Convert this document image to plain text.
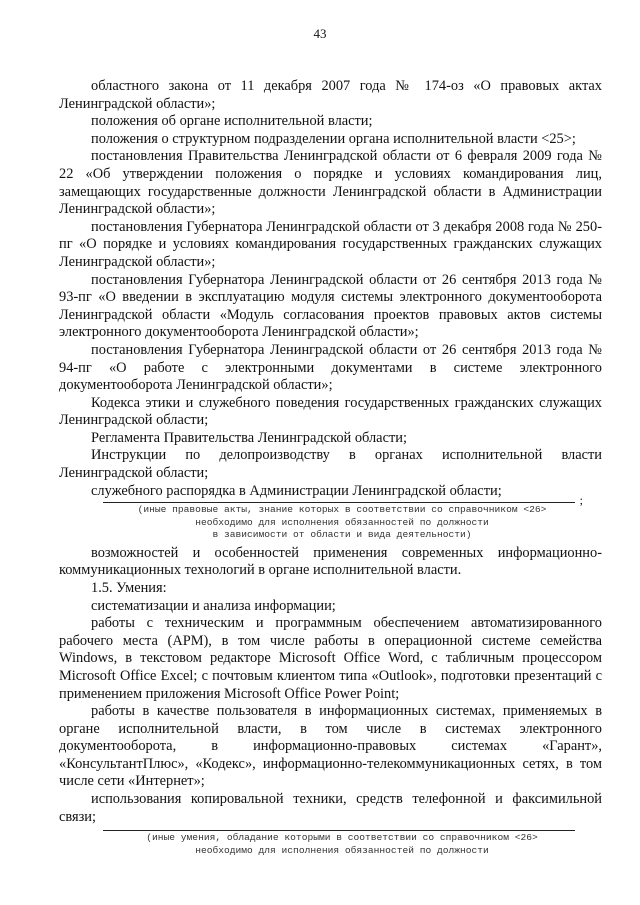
43

областного закона от 11 декабря 2007 года № 174-оз «О правовых актах Ленинградской области»;

положения об органе исполнительной власти;

положения о структурном подразделении органа исполнительной власти <25>;

постановления Правительства Ленинградской области от 6 февраля 2009 года № 22 «Об утверждении положения о порядке и условиях командирования лиц, замещающих государственные должности Ленинградской области в Администрации Ленинградской области»;

постановления Губернатора Ленинградской области от 3 декабря 2008 года № 250-пг «О порядке и условиях командирования государственных гражданских служащих Ленинградской области»;

постановления Губернатора Ленинградской области от 26 сентября 2013 года № 93-пг «О введении в эксплуатацию модуля системы электронного документооборота Ленинградской области «Модуль согласования проектов правовых актов системы электронного документооборота Ленинградской области»;

постановления Губернатора Ленинградской области от 26 сентября 2013 года № 94-пг «О работе с электронными документами в системе электронного документооборота Ленинградской области»;

Кодекса этики и служебного поведения государственных гражданских служащих Ленинградской области;

Регламента Правительства Ленинградской области;

Инструкции по делопроизводству в органах исполнительной власти Ленинградской области;

служебного распорядка в Администрации Ленинградской области;

;
(иные правовые акты, знание которых в соответствии со справочником <26>
необходимо для исполнения обязанностей по должности
в зависимости от области и вида деятельности)

возможностей и особенностей применения современных информационно-коммуникационных технологий в органе исполнительной власти.

1.5. Умения:

систематизации и анализа информации;

работы с техническим и программным обеспечением автоматизированного рабочего места (АРМ), в том числе работы в операционной системе семейства Windows, в текстовом редакторе Microsoft Office Word, с табличным процессором Microsoft Office Excel; с почтовым клиентом типа «Outlook», подготовки презентаций с применением приложения Microsoft Office Power Point;

работы в качестве пользователя в информационных системах, применяемых в органе исполнительной власти, в том числе в системах электронного документооборота, в информационно-правовых системах «Гарант», «КонсультантПлюс», «Кодекс», информационно-телекоммуникационных сетях, в том числе сети «Интернет»;

использования копировальной техники, средств телефонной и факсимильной связи;

(иные умения, обладание которыми в соответствии со справочником <26>
необходимо для исполнения обязанностей по должности
